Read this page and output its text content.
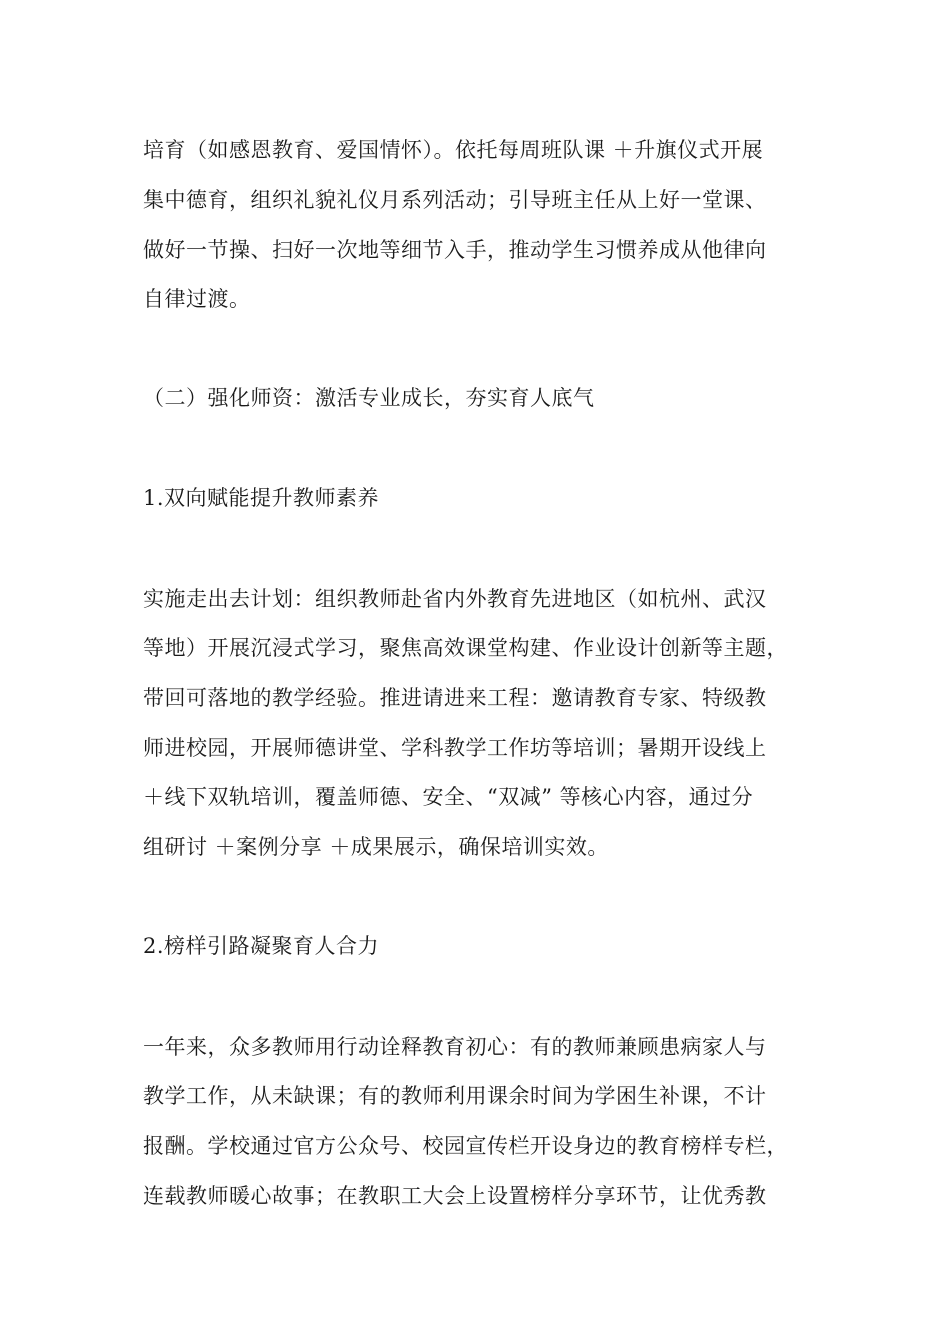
培育（如感恩教育、爱国情怀）。依托每周班队课 ＋升旗仪式开展
集中德育，组织礼貌礼仪月系列活动；引导班主任从上好一堂课、
做好一节操、扫好一次地等细节入手，推动学生习惯养成从他律向
自律过渡。
（二）强化师资：激活专业成长，夯实育人底气
1.双向赋能提升教师素养
实施走出去计划：组织教师赴省内外教育先进地区（如杭州、武汉
等地）开展沉浸式学习，聚焦高效课堂构建、作业设计创新等主题，
带回可落地的教学经验。推进请进来工程：邀请教育专家、特级教
师进校园，开展师德讲堂、学科教学工作坊等培训；暑期开设线上
＋线下双轨培训，覆盖师德、安全、“双减” 等核心内容，通过分
组研讨 ＋案例分享 ＋成果展示，确保培训实效。
2.榜样引路凝聚育人合力
一年来，众多教师用行动诠释教育初心：有的教师兼顾患病家人与
教学工作，从未缺课；有的教师利用课余时间为学困生补课，不计
报酬。学校通过官方公众号、校园宣传栏开设身边的教育榜样专栏，
连载教师暖心故事；在教职工大会上设置榜样分享环节，让优秀教
